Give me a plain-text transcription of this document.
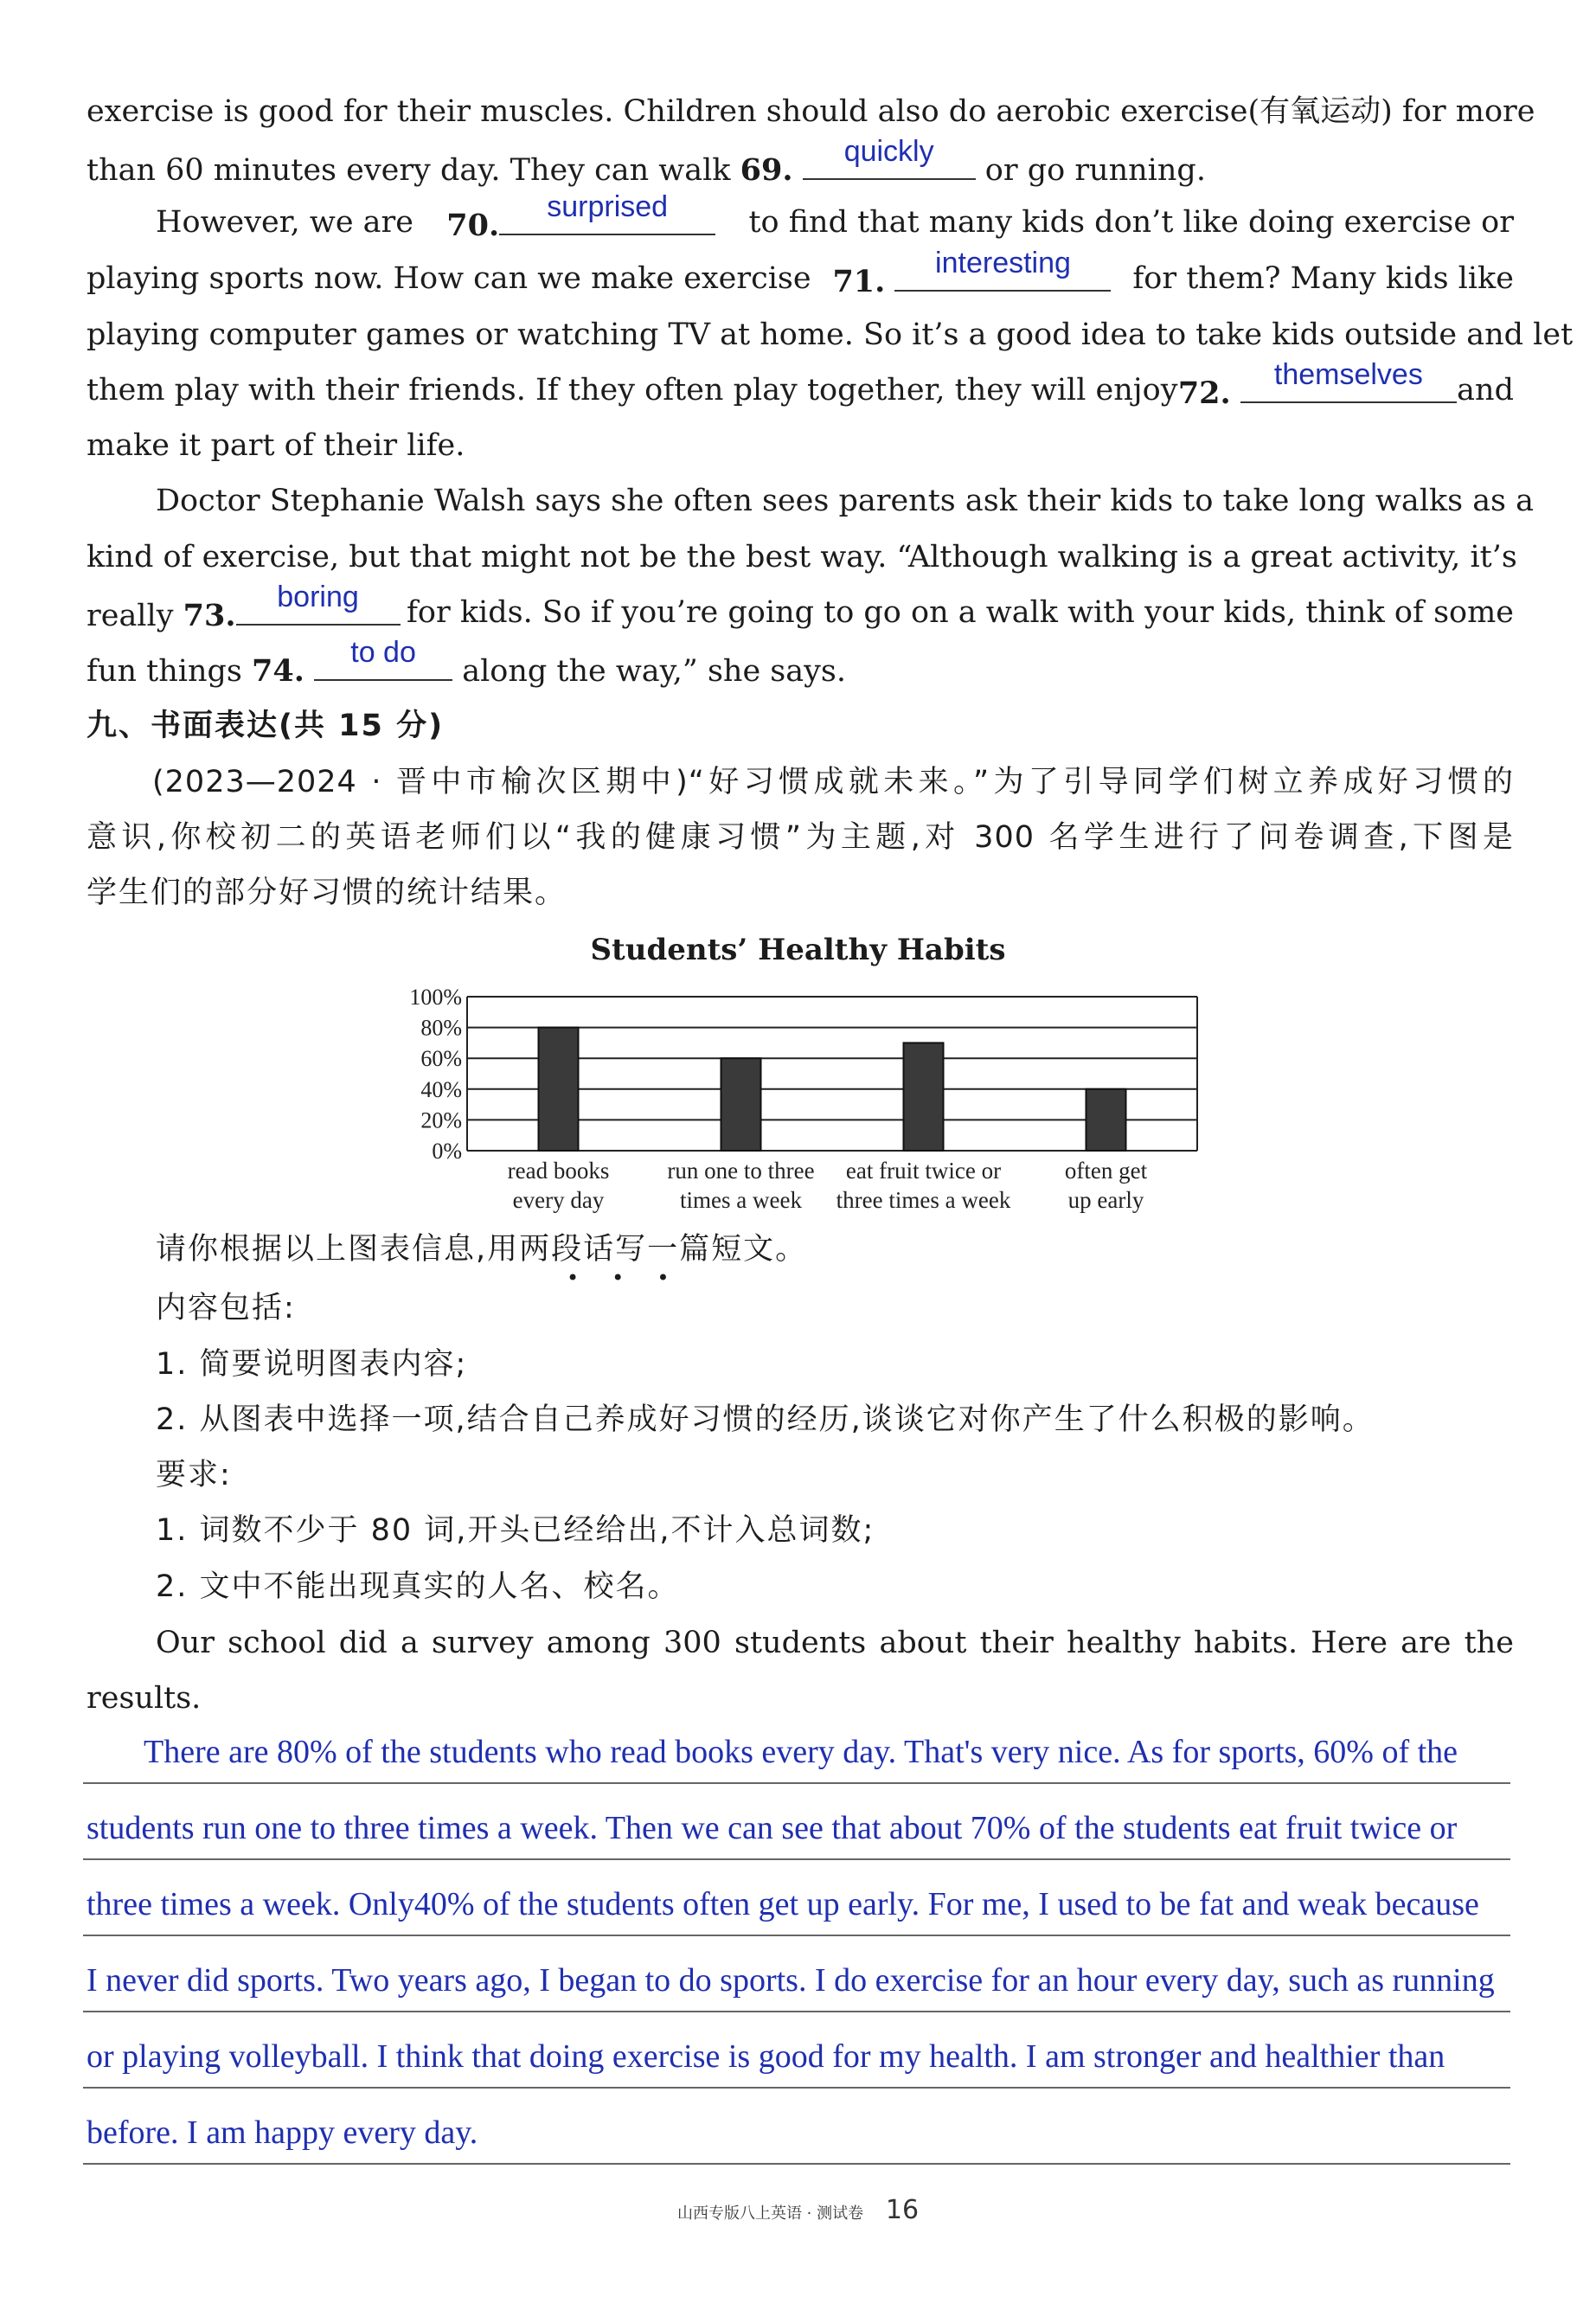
exercise is good for their muscles. Children should also do aerobic exercise(有氧运动) for more
than 60 minutes every day. They can walk 69.
quickly
or go running.
However, we are 70.
surprised	to find that many kids don’t like doing exercise or
playing sports now. How can we make exercise 71.
interesting	for them? Many kids like
playing computer games or watching TV at home. So it’s a good idea to take kids outside and let
them play with their friends. If they often play together, they will enjoy 72.
themselves	and
make it part of their life.
Doctor Stephanie Walsh says she often sees parents ask their kids to take long walks as a
kind of exercise, but that might not be the best way. “Although walking is a great activity, it’s
really 73.
boring	for kids. So if you’re going to go on a walk with your kids, think of some
fun things 74.
to do
along the way,” she says.
九、书面表达(共 15 分)
(2023—2024 · 晋中市榆次区期中)“好习惯成就未来。”为了引导同学们树立养成好习惯的
意识,你校初二的英语老师们以“我的健康习惯”为主题,对 300 名学生进行了问卷调查,下图是
学生们的部分好习惯的统计结果。
Students’ Healthy Habits
100%
80%
60%
40%
20%
0%
read books
every day
run one to three
times a week
eat fruit twice or
three times a week
often get
up early
请你根据以上图表信息,用两段话写一篇短文。
•••
内容包括:
1. 简要说明图表内容;
2. 从图表中选择一项,结合自己养成好习惯的经历,谈谈它对你产生了什么积极的影响。
要求:
1. 词数不少于 80 词,开头已经给出,不计入总词数;
2. 文中不能出现真实的人名、校名。
Our school did a survey among 300 students about their healthy habits. Here are the
results.
There are 80% of the students who read books every day. That's very nice. As for sports, 60% of the
students run one to three times a week. Then we can see that about 70% of the students eat fruit twice or
three times a week. Only40% of the students often get up early. For me, I used to be fat and weak because
I never did sports. Two years ago, I began to do sports. I do exercise for an hour every day, such as running
or playing volleyball. I think that doing exercise is good for my health. I am stronger and healthier than
before. I am happy every day.
山西专版八上英语 · 测试卷 16
